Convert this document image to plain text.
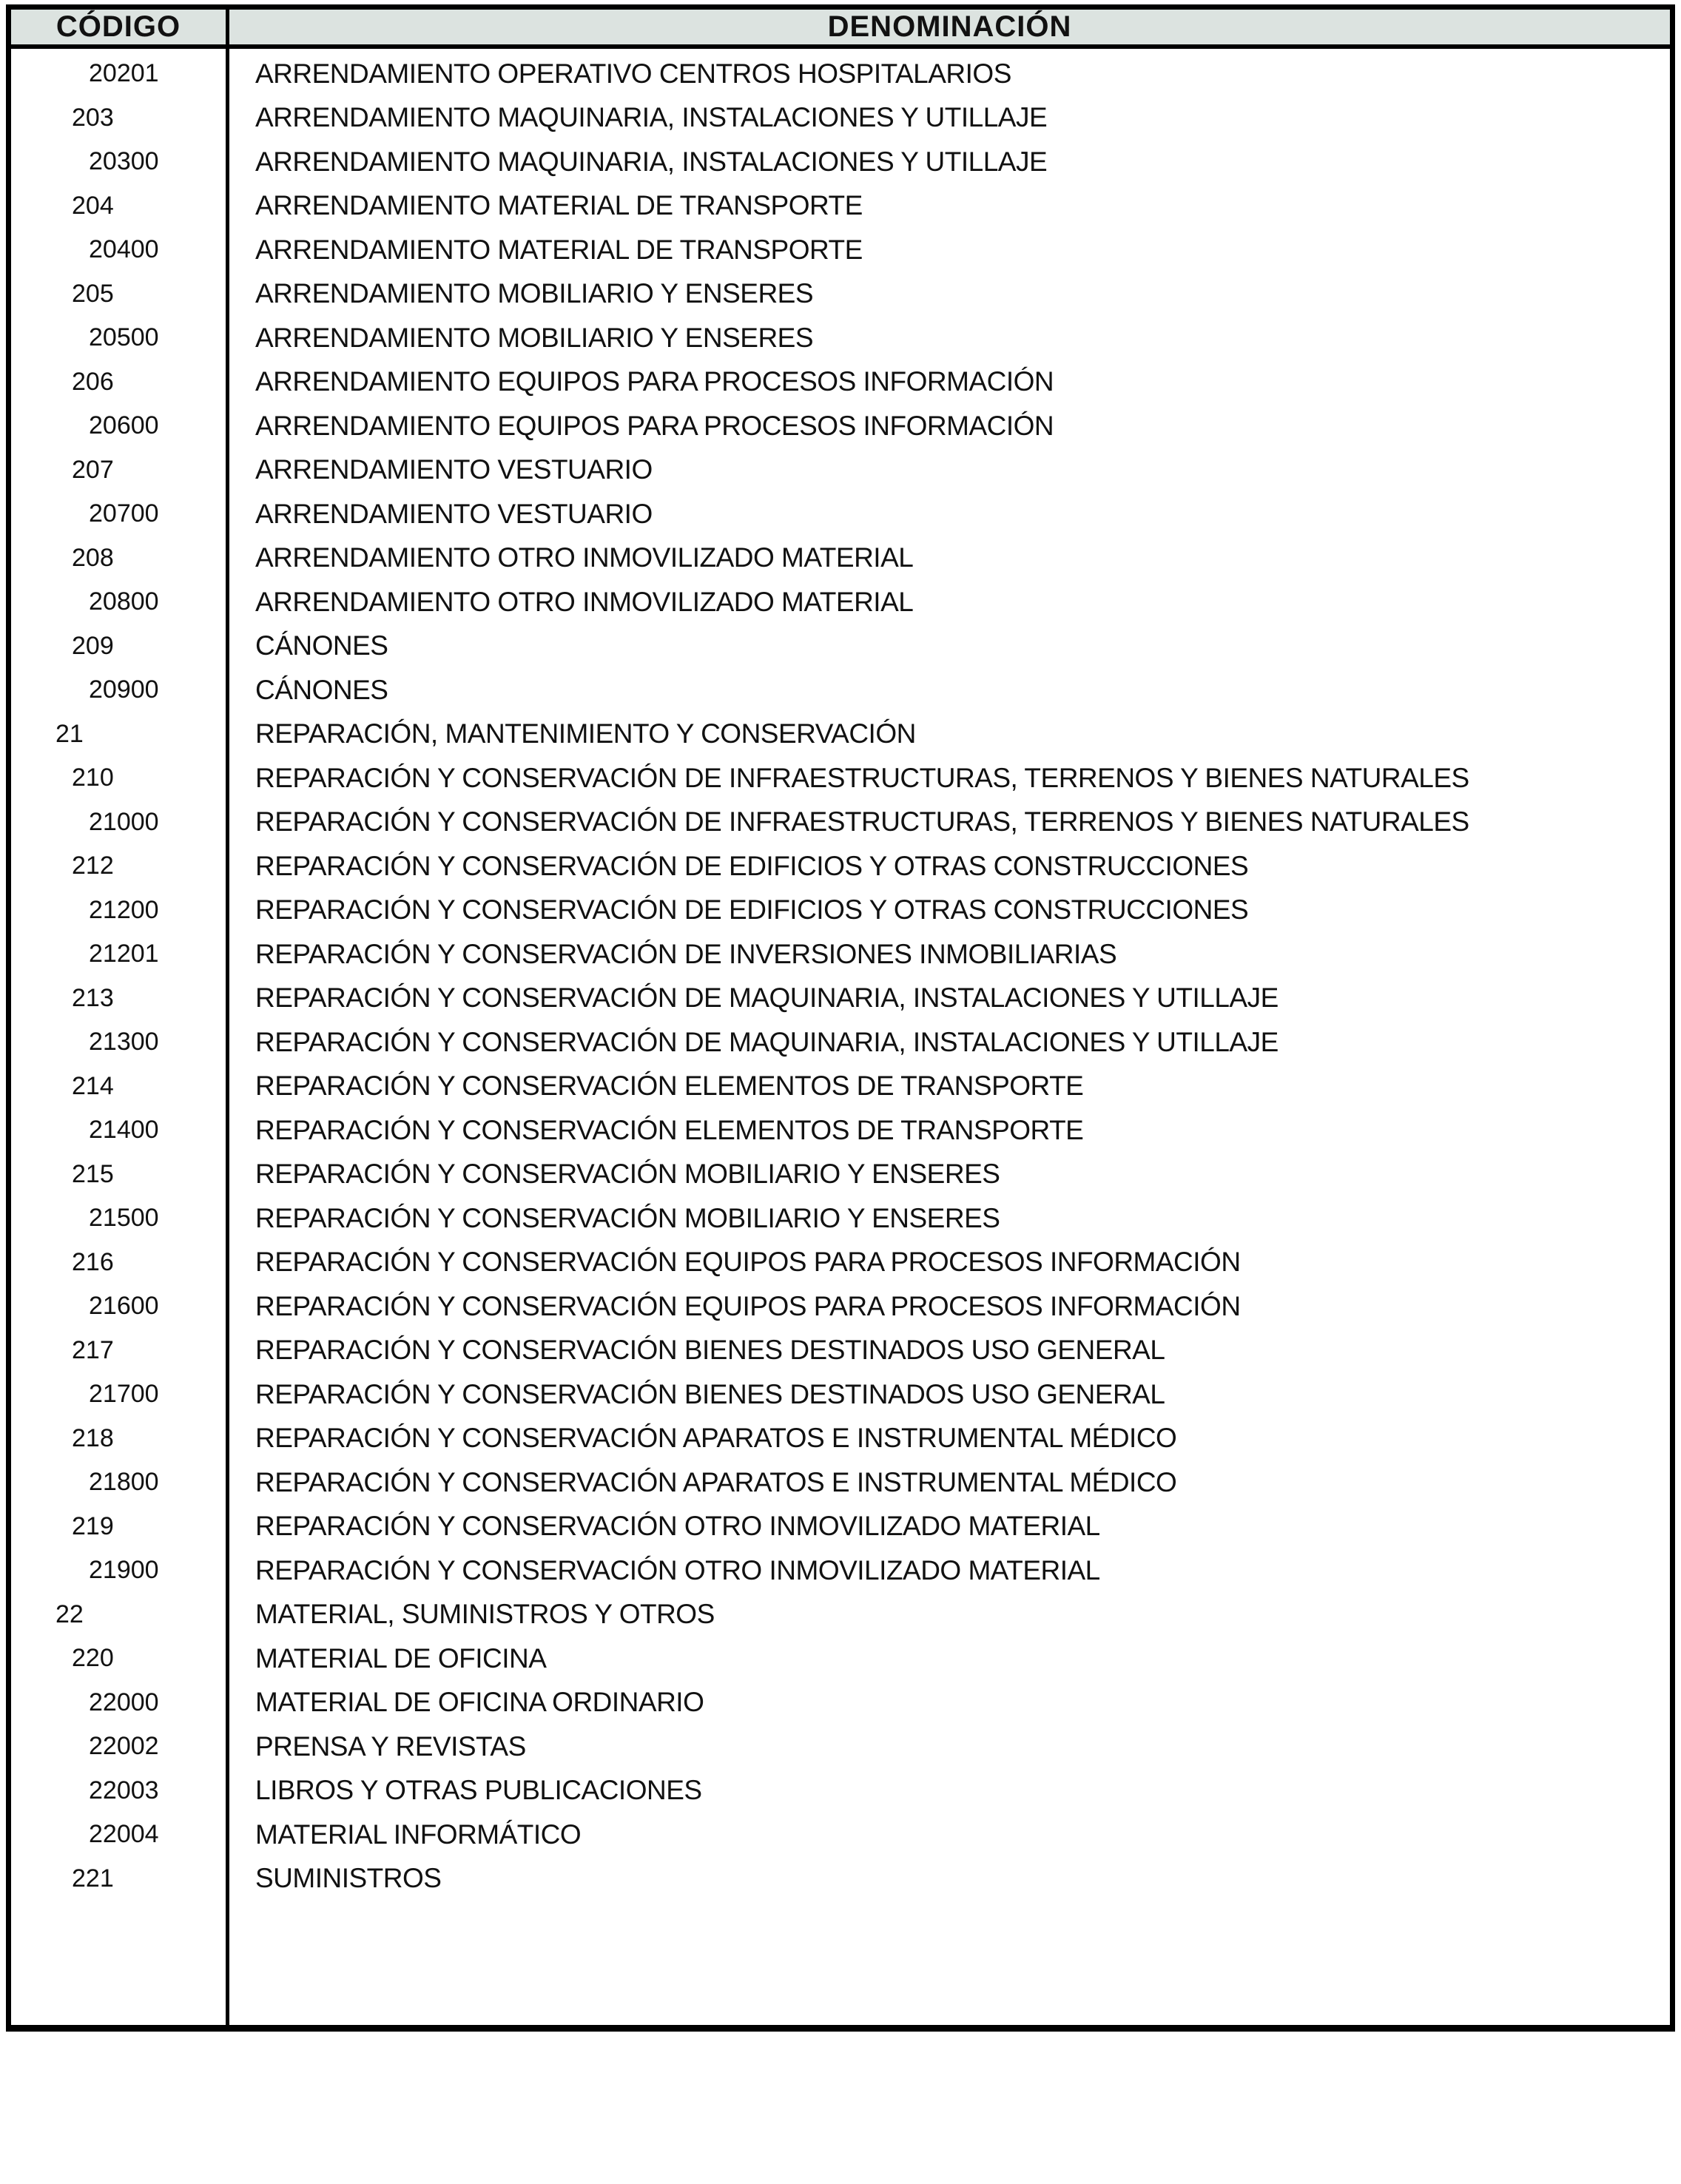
CÓDIGO	DENOMINACIÓN
20201	ARRENDAMIENTO OPERATIVO CENTROS HOSPITALARIOS
203	ARRENDAMIENTO MAQUINARIA, INSTALACIONES Y UTILLAJE
20300	ARRENDAMIENTO MAQUINARIA, INSTALACIONES Y UTILLAJE
204	ARRENDAMIENTO MATERIAL DE TRANSPORTE
20400	ARRENDAMIENTO MATERIAL DE TRANSPORTE
205	ARRENDAMIENTO MOBILIARIO Y ENSERES
20500	ARRENDAMIENTO MOBILIARIO Y ENSERES
206	ARRENDAMIENTO EQUIPOS PARA PROCESOS INFORMACIÓN
20600	ARRENDAMIENTO EQUIPOS PARA PROCESOS INFORMACIÓN
207	ARRENDAMIENTO VESTUARIO
20700	ARRENDAMIENTO VESTUARIO
208	ARRENDAMIENTO OTRO INMOVILIZADO MATERIAL
20800	ARRENDAMIENTO OTRO INMOVILIZADO MATERIAL
209	CÁNONES
20900	CÁNONES
21	REPARACIÓN, MANTENIMIENTO Y CONSERVACIÓN
210	REPARACIÓN Y CONSERVACIÓN DE INFRAESTRUCTURAS, TERRENOS Y BIENES NATURALES
21000	REPARACIÓN Y CONSERVACIÓN DE INFRAESTRUCTURAS, TERRENOS Y BIENES NATURALES
212	REPARACIÓN Y CONSERVACIÓN DE EDIFICIOS Y OTRAS CONSTRUCCIONES
21200	REPARACIÓN Y CONSERVACIÓN DE EDIFICIOS Y OTRAS CONSTRUCCIONES
21201	REPARACIÓN Y CONSERVACIÓN DE INVERSIONES INMOBILIARIAS
213	REPARACIÓN Y CONSERVACIÓN DE MAQUINARIA, INSTALACIONES Y UTILLAJE
21300	REPARACIÓN Y CONSERVACIÓN DE MAQUINARIA, INSTALACIONES Y UTILLAJE
214	REPARACIÓN Y CONSERVACIÓN ELEMENTOS DE TRANSPORTE
21400	REPARACIÓN Y CONSERVACIÓN ELEMENTOS DE TRANSPORTE
215	REPARACIÓN Y CONSERVACIÓN MOBILIARIO Y ENSERES
21500	REPARACIÓN Y CONSERVACIÓN MOBILIARIO Y ENSERES
216	REPARACIÓN Y CONSERVACIÓN EQUIPOS PARA PROCESOS INFORMACIÓN
21600	REPARACIÓN Y CONSERVACIÓN EQUIPOS PARA PROCESOS INFORMACIÓN
217	REPARACIÓN Y CONSERVACIÓN BIENES DESTINADOS USO GENERAL
21700	REPARACIÓN Y CONSERVACIÓN BIENES DESTINADOS USO GENERAL
218	REPARACIÓN Y CONSERVACIÓN APARATOS E INSTRUMENTAL MÉDICO
21800	REPARACIÓN Y CONSERVACIÓN APARATOS E INSTRUMENTAL MÉDICO
219	REPARACIÓN Y CONSERVACIÓN OTRO INMOVILIZADO MATERIAL
21900	REPARACIÓN Y CONSERVACIÓN OTRO INMOVILIZADO MATERIAL
22	MATERIAL, SUMINISTROS Y OTROS
220	MATERIAL DE OFICINA
22000	MATERIAL DE OFICINA ORDINARIO
22002	PRENSA Y REVISTAS
22003	LIBROS Y OTRAS PUBLICACIONES
22004	MATERIAL INFORMÁTICO
221	SUMINISTROS
